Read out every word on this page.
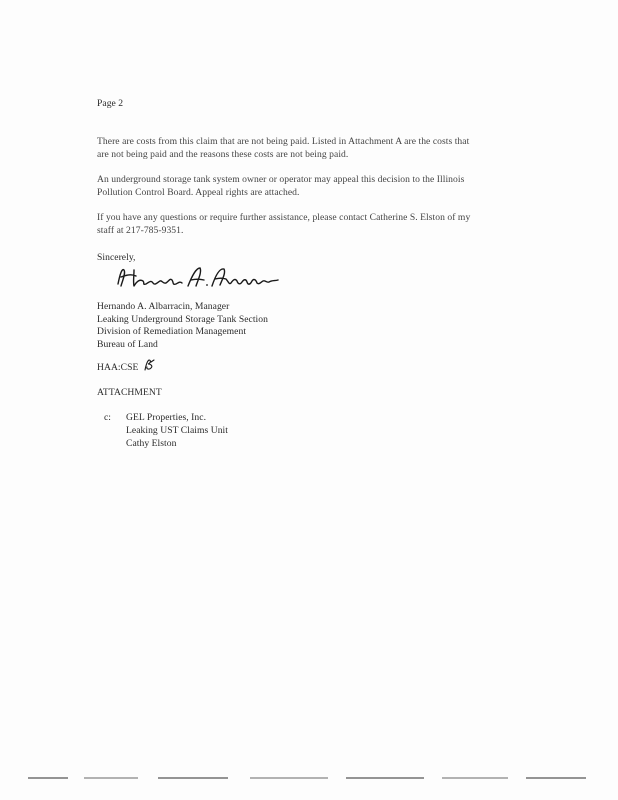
Page 2
There are costs from this claim that are not being paid. Listed in Attachment A are the costs that
are not being paid and the reasons these costs are not being paid.
An underground storage tank system owner or operator may appeal this decision to the Illinois
Pollution Control Board. Appeal rights are attached.
If you have any questions or require further assistance, please contact Catherine S. Elston of my
staff at 217-785-9351.
Sincerely,
Hernando A. Albarracin, Manager
Leaking Underground Storage Tank Section
Division of Remediation Management
Bureau of Land
HAA:CSE
ATTACHMENT
c: GEL Properties, Inc.
Leaking UST Claims Unit
Cathy Elston
